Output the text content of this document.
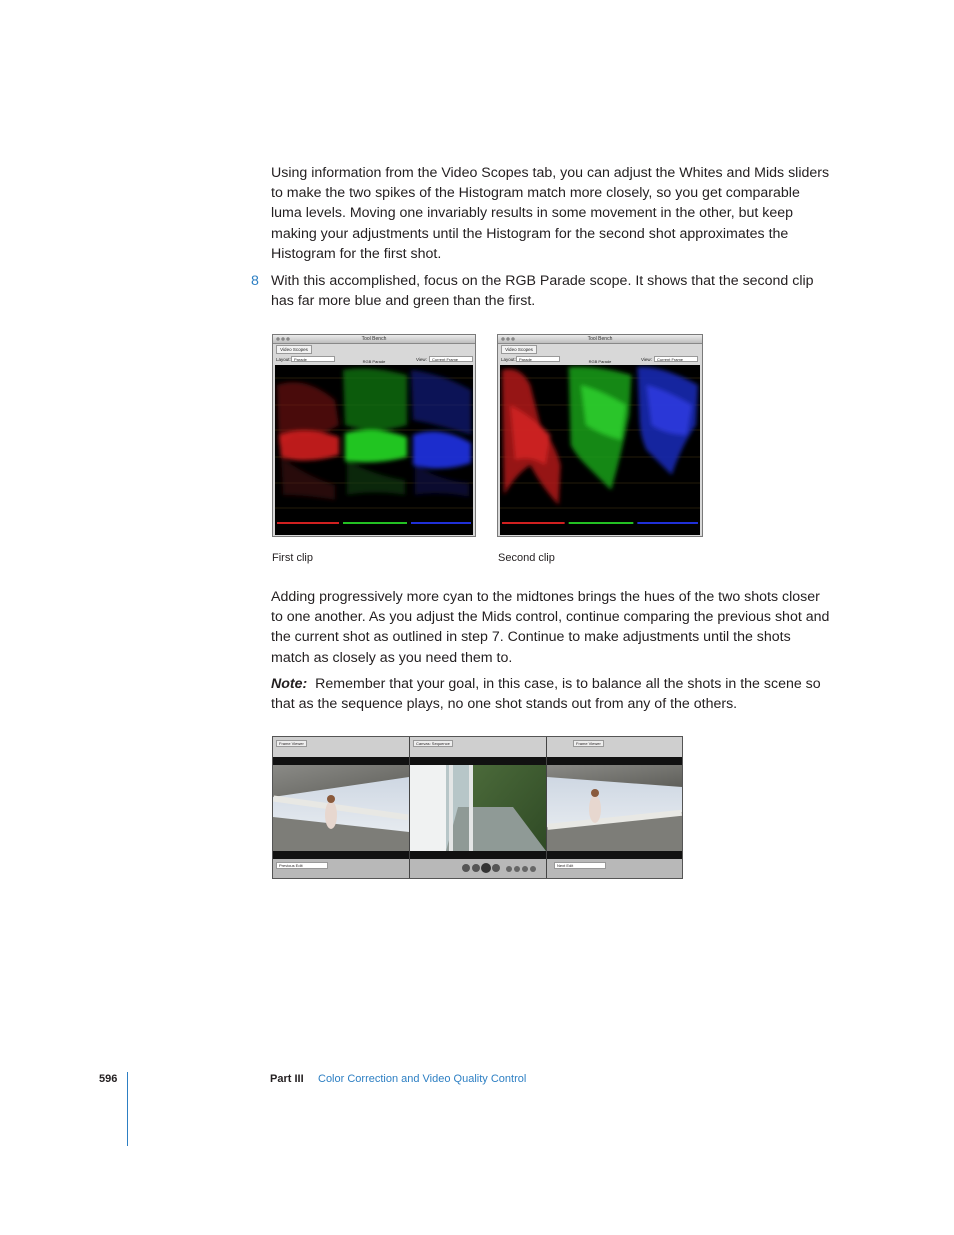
Using information from the Video Scopes tab, you can adjust the Whites and Mids sliders to make the two spikes of the Histogram match more closely, so you get comparable luma levels. Moving one invariably results in some movement in the other, but keep making your adjustments until the Histogram for the second shot approximates the Histogram for the first shot.

8 With this accomplished, focus on the RGB Parade scope. It shows that the second clip has far more blue and green than the first.

Tool Bench
Video Scopes
Layout: Parade	View:	Current Frame
RGB Parade
Tool Bench
Video Scopes
Layout: Parade	View:	Current Frame
RGB Parade
First clip	Second clip

Adding progressively more cyan to the midtones brings the hues of the two shots closer to one another. As you adjust the Mids control, continue comparing the previous shot and the current shot as outlined in step 7. Continue to make adjustments until the shots match as closely as you need them to.

Note: Remember that your goal, in this case, is to balance all the shots in the scene so that as the sequence plays, no one shot stands out from any of the others.

Frame Viewer	Canvas: Sequence	Frame Viewer
Previous Edit	Next Edit
596	Part III Color Correction and Video Quality Control
